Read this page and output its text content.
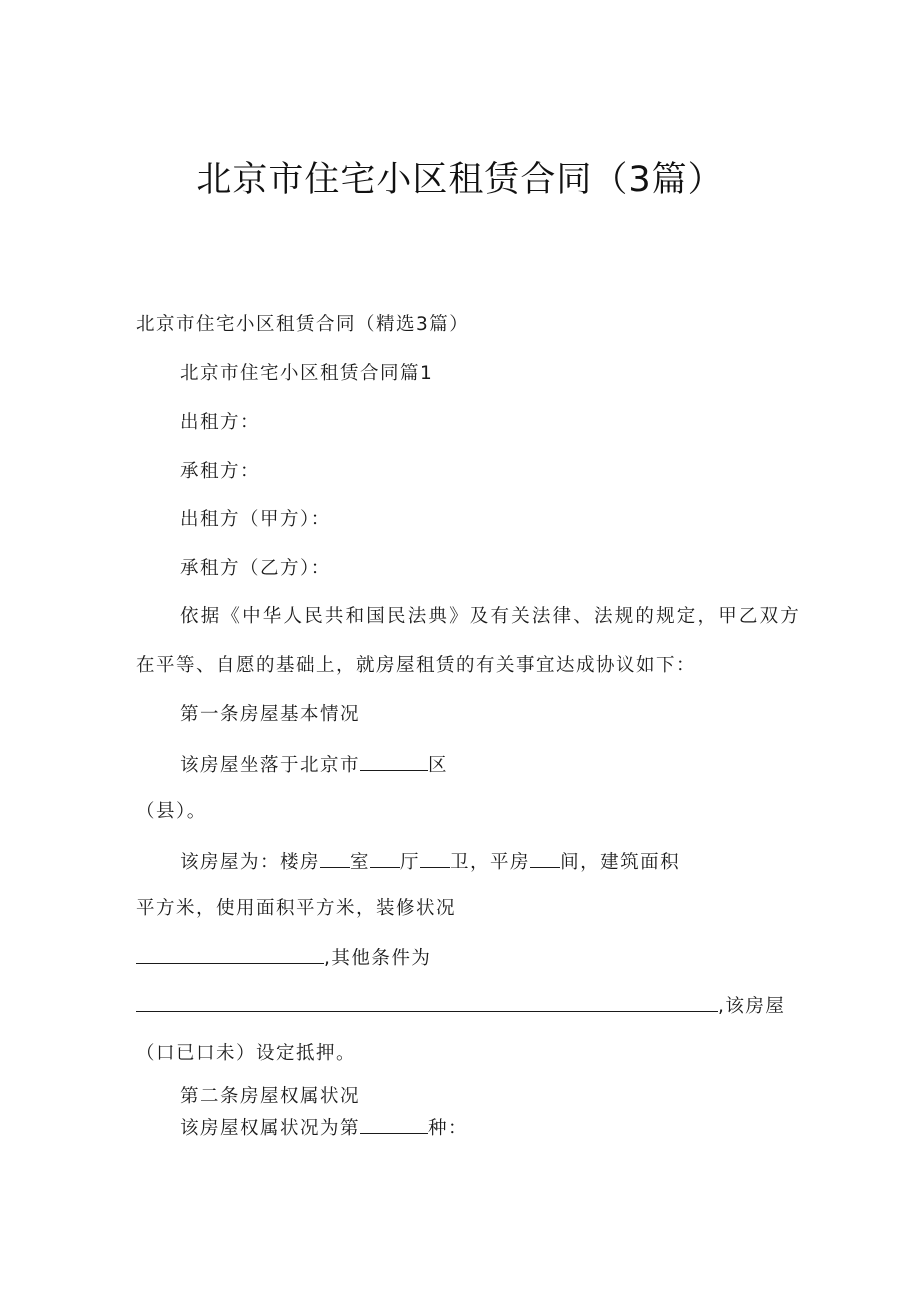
北京市住宅小区租赁合同（3篇）
北京市住宅小区租赁合同（精选3篇）
北京市住宅小区租赁合同篇1
出租方：
承租方：
出租方（甲方）：
承租方（乙方）：
依据《中华人民共和国民法典》及有关法律、法规的规定，甲乙双方
在平等、自愿的基础上，就房屋租赁的有关事宜达成协议如下：
第一条房屋基本情况
该房屋坐落于北京市	区
（县）。
该房屋为：楼房 室 厅 卫，平房 间，建筑面积
平方米，使用面积平方米，装修状况
,其他条件为
,该房屋
（口已口未）设定抵押。
第二条房屋权属状况
该房屋权属状况为第	种：
